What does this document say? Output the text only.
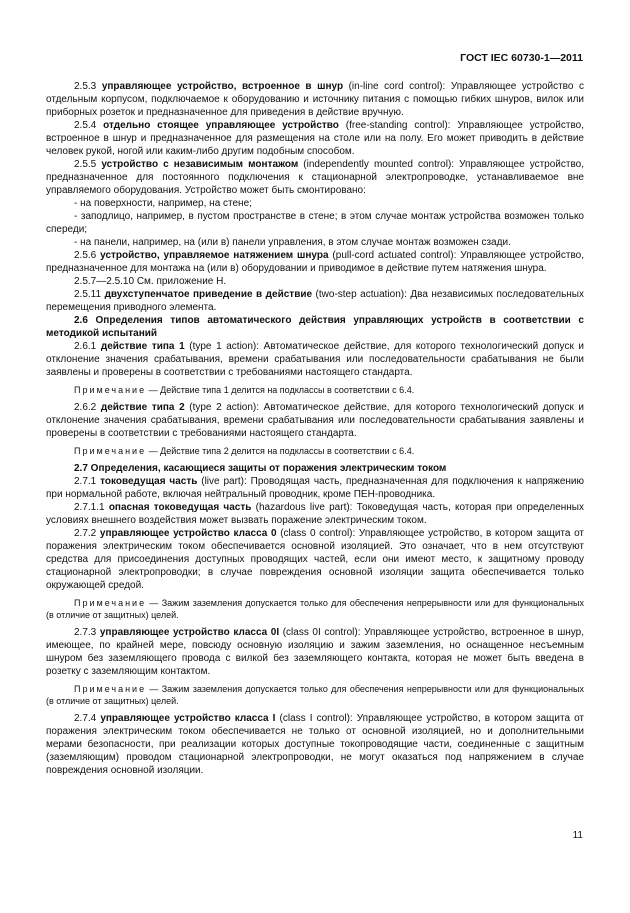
ГОСТ IEC 60730-1—2011

2.5.3 управляющее устройство, встроенное в шнур (in-line cord control): Управляющее устройство с отдельным корпусом, подключаемое к оборудованию и источнику питания с помощью гибких шнуров, вилок или приборных розеток и предназначенное для приведения в действие вручную.

2.5.4 отдельно стоящее управляющее устройство (free-standing control): Управляющее устройство, встроенное в шнур и предназначенное для размещения на столе или на полу. Его может приводить в действие человек рукой, ногой или каким-либо другим подобным способом.

2.5.5 устройство с независимым монтажом (independently mounted control): Управляющее устройство, предназначенное для постоянного подключения к стационарной электропроводке, устанавливаемое вне управляемого оборудования. Устройство может быть смонтировано:

- на поверхности, например, на стене;

- заподлицо, например, в пустом пространстве в стене; в этом случае монтаж устройства возможен только спереди;

- на панели, например, на (или в) панели управления, в этом случае монтаж возможен сзади.

2.5.6 устройство, управляемое натяжением шнура (pull-cord actuated control): Управляющее устройство, предназначенное для монтажа на (или в) оборудовании и приводимое в действие путем натяжения шнура.

2.5.7—2.5.10 См. приложение Н.

2.5.11 двухступенчатое приведение в действие (two-step actuation): Два независимых последовательных перемещения приводного элемента.

2.6 Определения типов автоматического действия управляющих устройств в соответствии с методикой испытаний

2.6.1 действие типа 1 (type 1 action): Автоматическое действие, для которого технологический допуск и отклонение значения срабатывания, времени срабатывания или последовательности срабатывания не были заявлены и проверены в соответствии с требованиями настоящего стандарта.

Примечание — Действие типа 1 делится на подклассы в соответствии с 6.4.

2.6.2 действие типа 2 (type 2 action): Автоматическое действие, для которого технологический допуск и отклонение значения срабатывания, времени срабатывания или последовательности срабатывания заявлены и проверены в соответствии с требованиями настоящего стандарта.

Примечание — Действие типа 2 делится на подклассы в соответствии с 6.4.

2.7 Определения, касающиеся защиты от поражения электрическим током

2.7.1 токоведущая часть (live part): Проводящая часть, предназначенная для подключения к напряжению при нормальной работе, включая нейтральный проводник, кроме ПЕН-проводника.

2.7.1.1 опасная токоведущая часть (hazardous live part): Токоведущая часть, которая при определенных условиях внешнего воздействия может вызвать поражение электрическим током.

2.7.2 управляющее устройство класса 0 (class 0 control): Управляющее устройство, в котором защита от поражения электрическим током обеспечивается основной изоляцией. Это означает, что в нем отсутствуют средства для присоединения доступных проводящих частей, если они имеют место, к защитному проводу стационарной электропроводки; в случае повреждения основной изоляции защита обеспечивается только окружающей средой.

Примечание — Зажим заземления допускается только для обеспечения непрерывности или для функциональных (в отличие от защитных) целей.

2.7.3 управляющее устройство класса 0I (class 0I control): Управляющее устройство, встроенное в шнур, имеющее, по крайней мере, повсюду основную изоляцию и зажим заземления, но оснащенное несъемным шнуром без заземляющего провода с вилкой без заземляющего контакта, которая не может быть введена в розетку с заземляющим контактом.

Примечание — Зажим заземления допускается только для обеспечения непрерывности или для функциональных (в отличие от защитных) целей.

2.7.4 управляющее устройство класса I (class I control): Управляющее устройство, в котором защита от поражения электрическим током обеспечивается не только от основной изоляцией, но и дополнительными мерами безопасности, при реализации которых доступные токопроводящие части, соединенные с защитным (заземляющим) проводом стационарной электропроводки, не могут оказаться под напряжением в случае повреждения основной изоляции.

11
